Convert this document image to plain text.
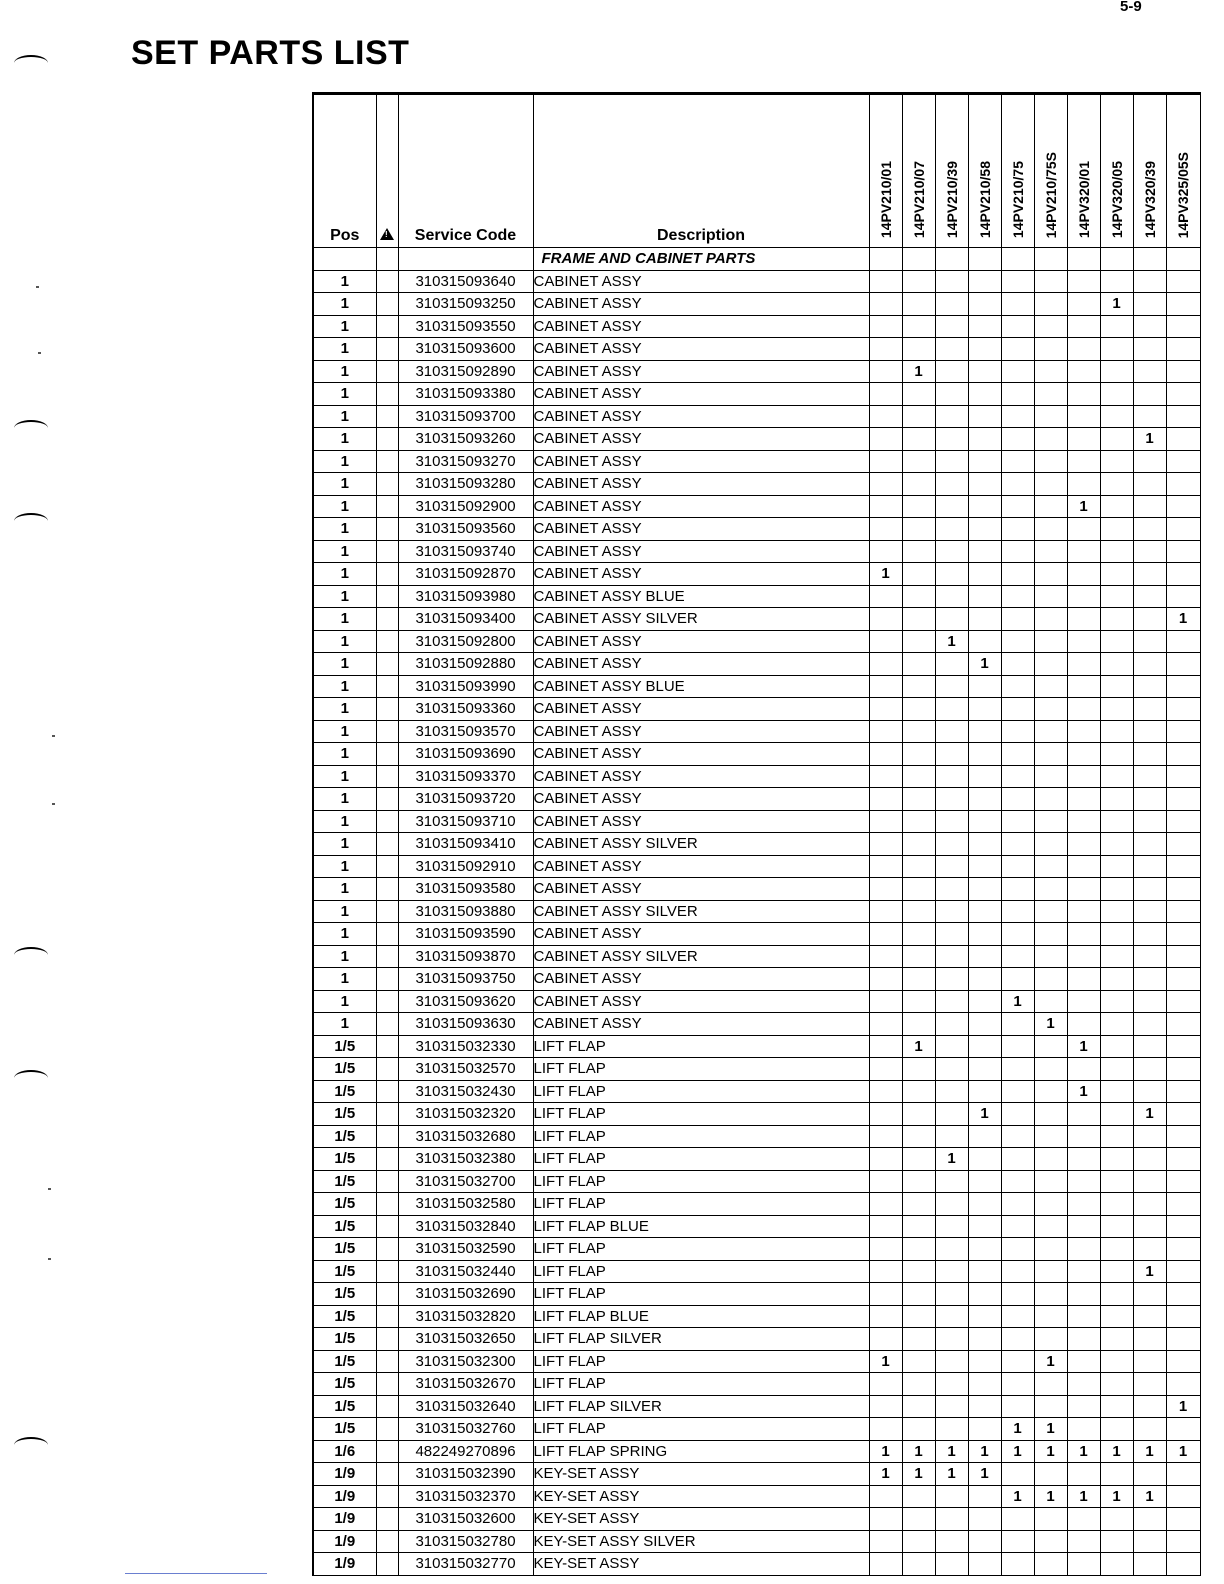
5-9
SET PARTS LIST
Pos	!	Service Code	Description	14PV210/01	14PV210/07	14PV210/39	14PV210/58	14PV210/75	14PV210/75S	14PV320/01	14PV320/05	14PV320/39	14PV325/05S
			FRAME AND CABINET PARTS										
1		310315093640	CABINET ASSY										
1		310315093250	CABINET ASSY								1		
1		310315093550	CABINET ASSY										
1		310315093600	CABINET ASSY										
1		310315092890	CABINET ASSY		1								
1		310315093380	CABINET ASSY										
1		310315093700	CABINET ASSY										
1		310315093260	CABINET ASSY									1	
1		310315093270	CABINET ASSY										
1		310315093280	CABINET ASSY										
1		310315092900	CABINET ASSY							1			
1		310315093560	CABINET ASSY										
1		310315093740	CABINET ASSY										
1		310315092870	CABINET ASSY	1									
1		310315093980	CABINET ASSY BLUE										
1		310315093400	CABINET ASSY SILVER										1
1		310315092800	CABINET ASSY			1							
1		310315092880	CABINET ASSY				1						
1		310315093990	CABINET ASSY BLUE										
1		310315093360	CABINET ASSY										
1		310315093570	CABINET ASSY										
1		310315093690	CABINET ASSY										
1		310315093370	CABINET ASSY										
1		310315093720	CABINET ASSY										
1		310315093710	CABINET ASSY										
1		310315093410	CABINET ASSY SILVER										
1		310315092910	CABINET ASSY										
1		310315093580	CABINET ASSY										
1		310315093880	CABINET ASSY SILVER										
1		310315093590	CABINET ASSY										
1		310315093870	CABINET ASSY SILVER										
1		310315093750	CABINET ASSY										
1		310315093620	CABINET ASSY					1					
1		310315093630	CABINET ASSY						1				
1/5		310315032330	LIFT FLAP		1					1			
1/5		310315032570	LIFT FLAP										
1/5		310315032430	LIFT FLAP							1			
1/5		310315032320	LIFT FLAP				1					1	
1/5		310315032680	LIFT FLAP										
1/5		310315032380	LIFT FLAP			1							
1/5		310315032700	LIFT FLAP										
1/5		310315032580	LIFT FLAP										
1/5		310315032840	LIFT FLAP BLUE										
1/5		310315032590	LIFT FLAP										
1/5		310315032440	LIFT FLAP									1	
1/5		310315032690	LIFT FLAP										
1/5		310315032820	LIFT FLAP BLUE										
1/5		310315032650	LIFT FLAP SILVER										
1/5		310315032300	LIFT FLAP	1					1				
1/5		310315032670	LIFT FLAP										
1/5		310315032640	LIFT FLAP SILVER										1
1/5		310315032760	LIFT FLAP					1	1				
1/6		482249270896	LIFT FLAP SPRING	1	1	1	1	1	1	1	1	1	1
1/9		310315032390	KEY-SET ASSY	1	1	1	1						
1/9		310315032370	KEY-SET ASSY					1	1	1	1	1	
1/9		310315032600	KEY-SET ASSY										
1/9		310315032780	KEY-SET ASSY SILVER										
1/9		310315032770	KEY-SET ASSY										
